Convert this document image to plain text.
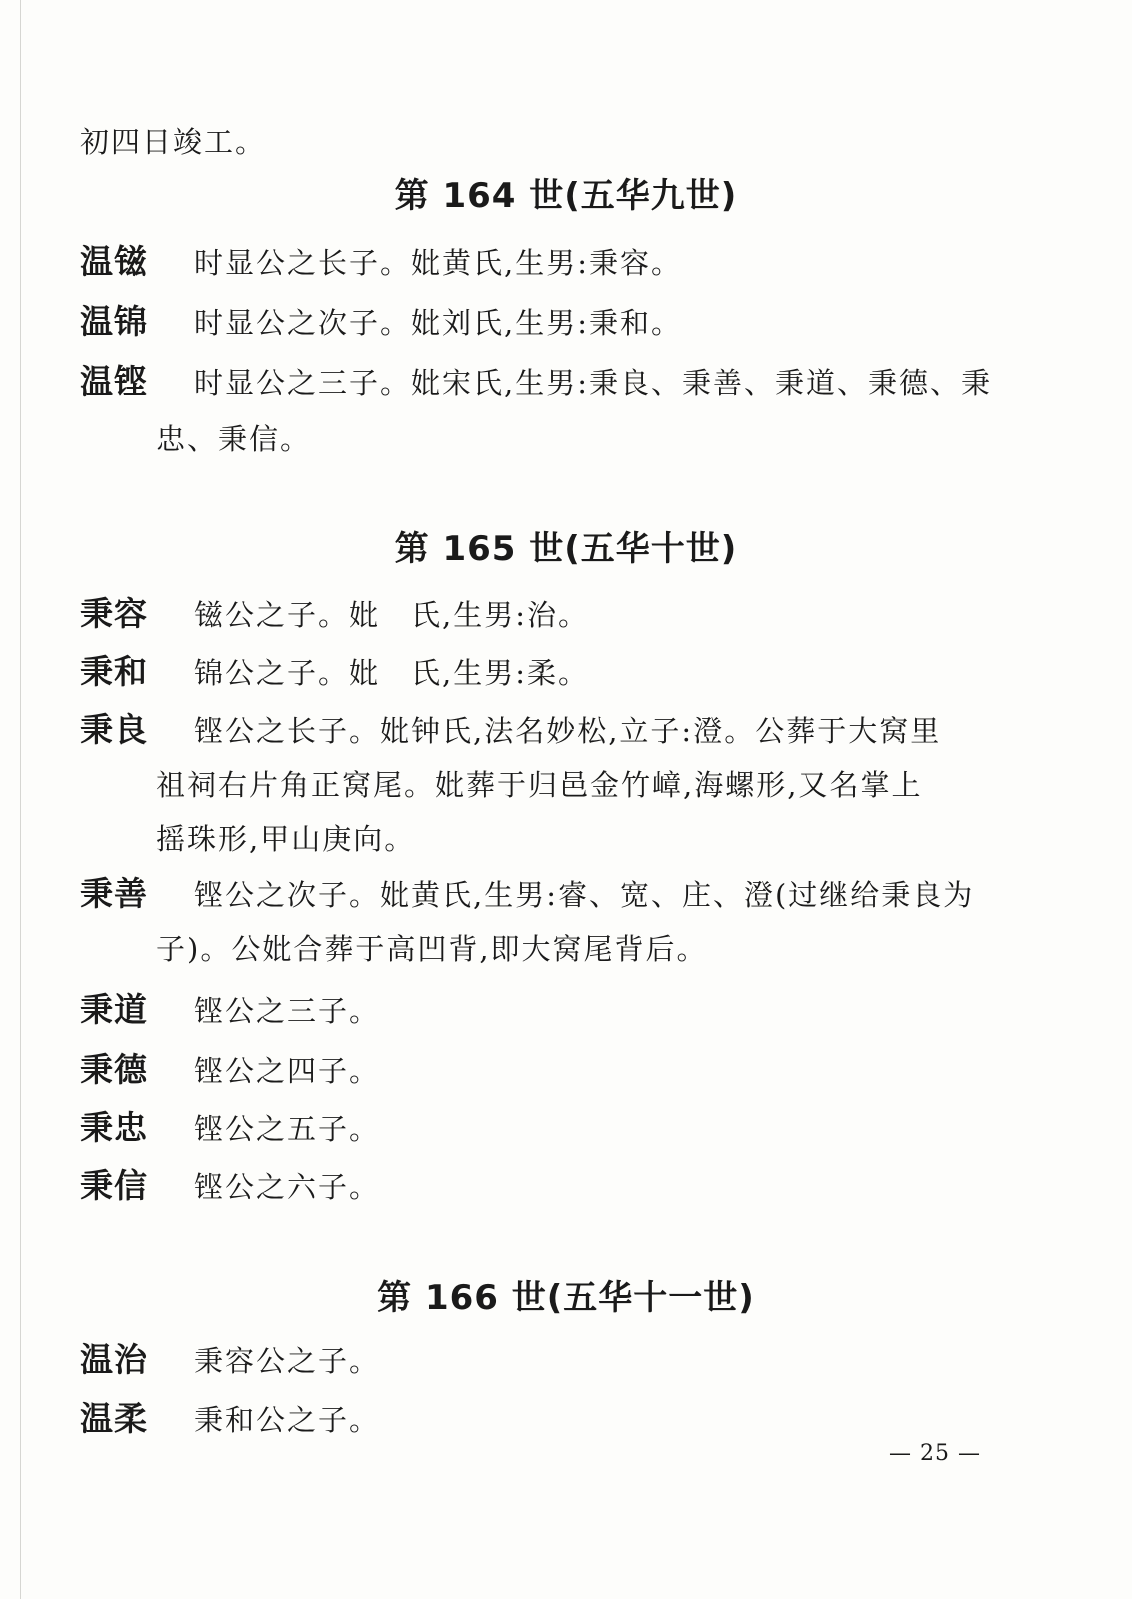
初四日竣工。
第 164 世(五华九世)
温镃	时显公之长子。妣黄氏,生男:秉容。
温锦	时显公之次子。妣刘氏,生男:秉和。
温铿	时显公之三子。妣宋氏,生男:秉良、秉善、秉道、秉德、秉
忠、秉信。
第 165 世(五华十世)
秉容	镃公之子。妣　氏,生男:治。
秉和	锦公之子。妣　氏,生男:柔。
秉良	铿公之长子。妣钟氏,法名妙松,立子:澄。公葬于大窝里
祖祠右片角正窝尾。妣葬于归邑金竹嶂,海螺形,又名掌上
摇珠形,甲山庚向。
秉善	铿公之次子。妣黄氏,生男:睿、宽、庄、澄(过继给秉良为
子)。公妣合葬于高凹背,即大窝尾背后。
秉道	铿公之三子。
秉德	铿公之四子。
秉忠	铿公之五子。
秉信	铿公之六子。
第 166 世(五华十一世)
温治	秉容公之子。
温柔	秉和公之子。
— 25 —
